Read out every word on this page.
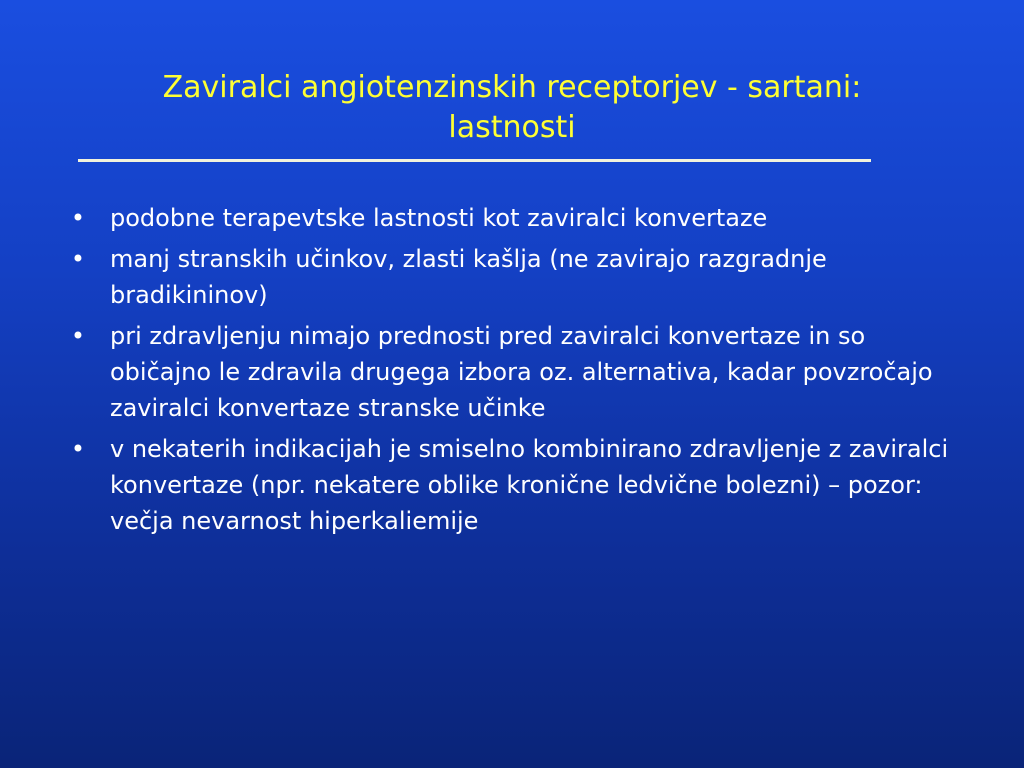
Zaviralci angiotenzinskih receptorjev - sartani:
lastnosti
• podobne terapevtske lastnosti kot zaviralci konvertaze
• manj stranskih učinkov, zlasti kašlja (ne zavirajo razgradnje bradikininov)
• pri zdravljenju nimajo prednosti pred zaviralci konvertaze in so običajno le zdravila drugega izbora oz. alternativa, kadar povzročajo zaviralci konvertaze stranske učinke
• v nekaterih indikacijah je smiselno kombinirano zdravljenje z zaviralci konvertaze (npr. nekatere oblike kronične ledvične bolezni) – pozor: večja nevarnost hiperkaliemije
